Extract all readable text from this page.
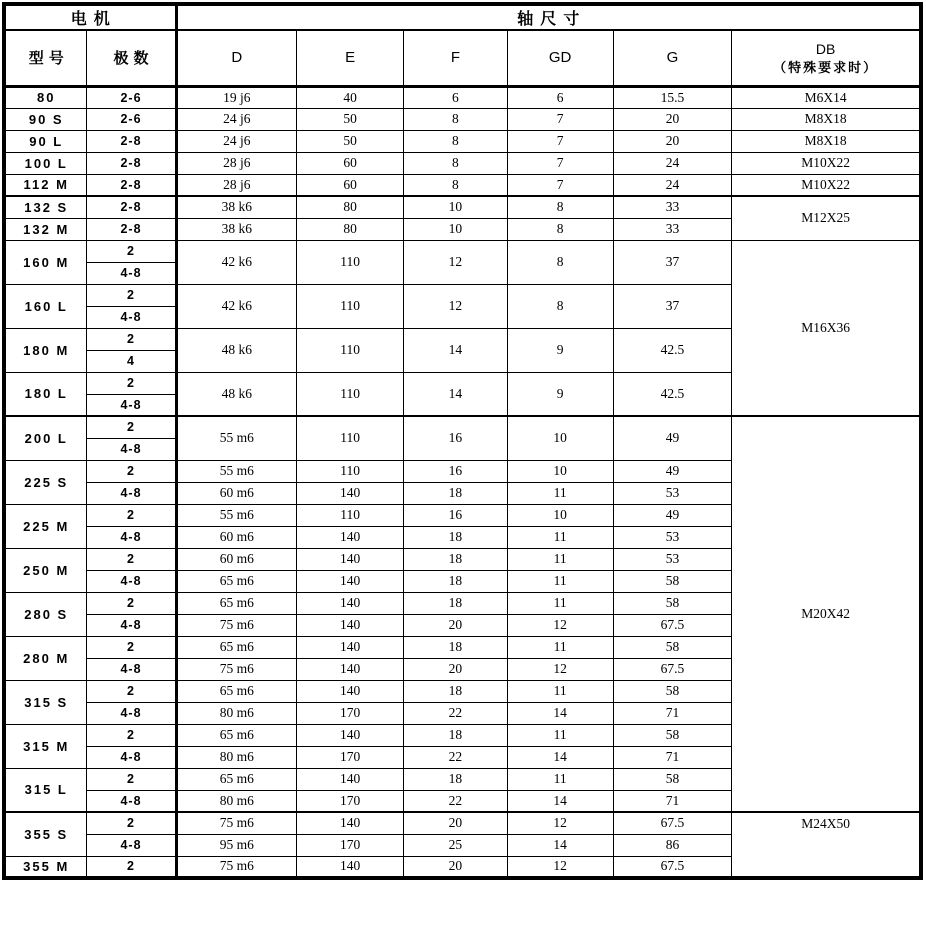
电机		轴尺寸					
型号	极数	D	E	F	GD	G	DB
（特殊要求时）

80	2-6	19 j6	40	6	6	15.5	M6X14
90 S	2-6	24 j6	50	8	7	20	M8X18
90 L	2-8	24 j6	50	8	7	20	M8X18
100 L	2-8	28 j6	60	8	7	24	M10X22
112 M	2-8	28 j6	60	8	7	24	M10X22
132 S	2-8	38 k6	80	10	8	33	M12X25
132 M	2-8	38 k6	80	10	8	33	
160 M	2	42 k6	110	12	8	37	M16X36
	4-8						
160 L	2	42 k6	110	12	8	37	
	4-8						
180 M	2	48 k6	110	14	9	42.5	
	4						
180 L	2	48 k6	110	14	9	42.5	
	4-8						
200 L	2	55 m6	110	16	10	49	M20X42
	4-8						
225 S	2	55 m6	110	16	10	49	
	4-8	60 m6	140	18	11	53	
225 M	2	55 m6	110	16	10	49	
	4-8	60 m6	140	18	11	53	
250 M	2	60 m6	140	18	11	53	
	4-8	65 m6	140	18	11	58	
280 S	2	65 m6	140	18	11	58	
	4-8	75 m6	140	20	12	67.5	
280 M	2	65 m6	140	18	11	58	
	4-8	75 m6	140	20	12	67.5	
315 S	2	65 m6	140	18	11	58	
	4-8	80 m6	170	22	14	71	
315 M	2	65 m6	140	18	11	58	
	4-8	80 m6	170	22	14	71	
315 L	2	65 m6	140	18	11	58	
	4-8	80 m6	170	22	14	71	
355 S	2	75 m6	140	20	12	67.5	M24X50
	4-8	95 m6	170	25	14	86	
355 M	2	75 m6	140	20	12	67.5	
